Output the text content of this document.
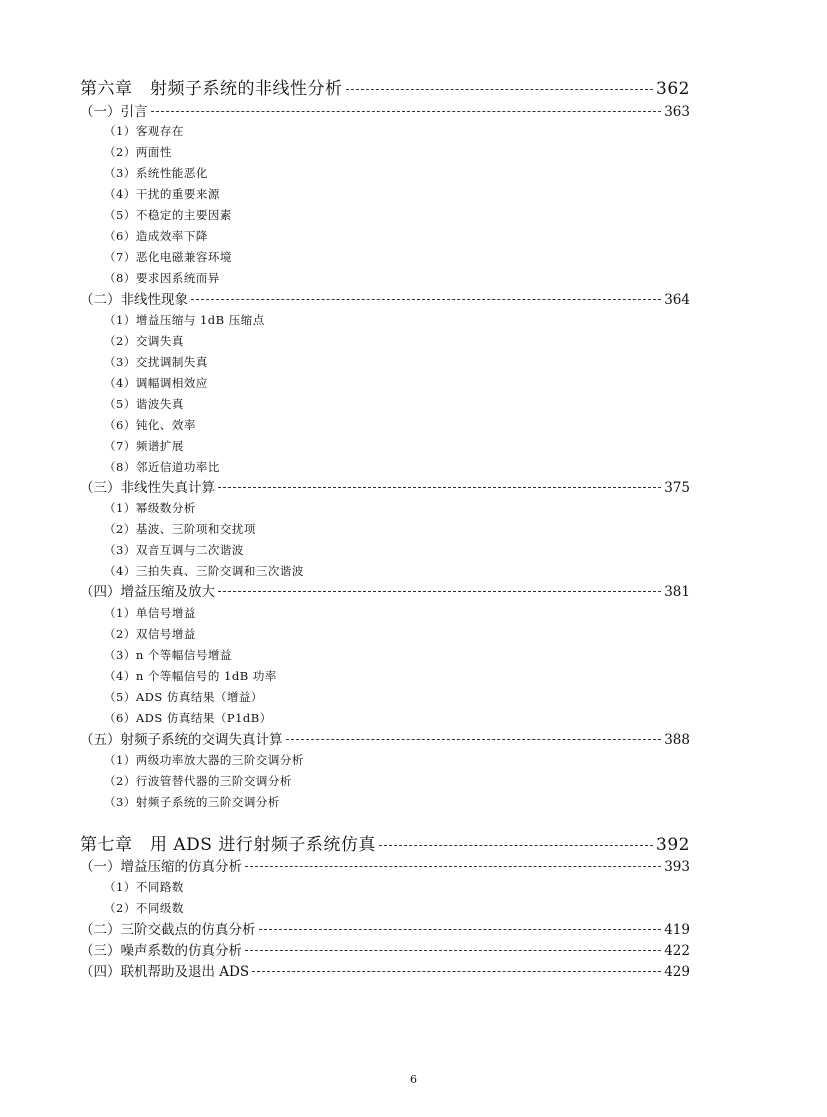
第六章　射频子系统的非线性分析	362
（一）引言	363
（1）客观存在
（2）两面性
（3）系统性能恶化
（4）干扰的重要来源
（5）不稳定的主要因素
（6）造成效率下降
（7）恶化电磁兼容环境
（8）要求因系统而异
（二）非线性现象	364
（1）增益压缩与 1dB 压缩点
（2）交调失真
（3）交扰调制失真
（4）调幅调相效应
（5）谐波失真
（6）钝化、效率
（7）频谱扩展
（8）邻近信道功率比
（三）非线性失真计算	375
（1）幂级数分析
（2）基波、三阶项和交扰项
（3）双音互调与二次谐波
（4）三拍失真、三阶交调和三次谐波
（四）增益压缩及放大	381
（1）单信号增益
（2）双信号增益
（3）n 个等幅信号增益
（4）n 个等幅信号的 1dB 功率
（5）ADS 仿真结果（增益）
（6）ADS 仿真结果（P1dB）
（五）射频子系统的交调失真计算	388
（1）两级功率放大器的三阶交调分析
（2）行波管替代器的三阶交调分析
（3）射频子系统的三阶交调分析
第七章　用 ADS 进行射频子系统仿真	392
（一）增益压缩的仿真分析	393
（1）不同路数
（2）不同级数
（二）三阶交截点的仿真分析	419
（三）噪声系数的仿真分析	422
（四）联机帮助及退出 ADS	429
6
